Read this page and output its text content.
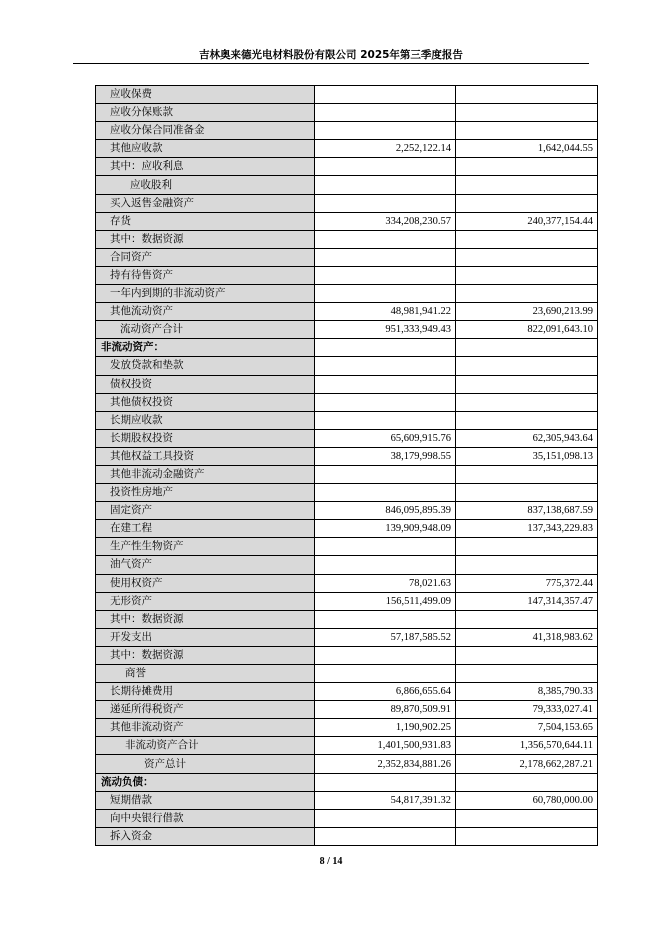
吉林奥来德光电材料股份有限公司 2025年第三季度报告
应收保费		
应收分保账款		
应收分保合同准备金		
其他应收款	2,252,122.14	1,642,044.55
其中：应收利息		
应收股利		
买入返售金融资产		
存货	334,208,230.57	240,377,154.44
其中：数据资源		
合同资产		
持有待售资产		
一年内到期的非流动资产		
其他流动资产	48,981,941.22	23,690,213.99
流动资产合计	951,333,949.43	822,091,643.10
非流动资产：		
发放贷款和垫款		
债权投资		
其他债权投资		
长期应收款		
长期股权投资	65,609,915.76	62,305,943.64
其他权益工具投资	38,179,998.55	35,151,098.13
其他非流动金融资产		
投资性房地产		
固定资产	846,095,895.39	837,138,687.59
在建工程	139,909,948.09	137,343,229.83
生产性生物资产		
油气资产		
使用权资产	78,021.63	775,372.44
无形资产	156,511,499.09	147,314,357.47
其中：数据资源		
开发支出	57,187,585.52	41,318,983.62
其中：数据资源		
商誉		
长期待摊费用	6,866,655.64	8,385,790.33
递延所得税资产	89,870,509.91	79,333,027.41
其他非流动资产	1,190,902.25	7,504,153.65
非流动资产合计	1,401,500,931.83	1,356,570,644.11
资产总计	2,352,834,881.26	2,178,662,287.21
流动负债：		
短期借款	54,817,391.32	60,780,000.00
向中央银行借款		
拆入资金		
8 / 14
